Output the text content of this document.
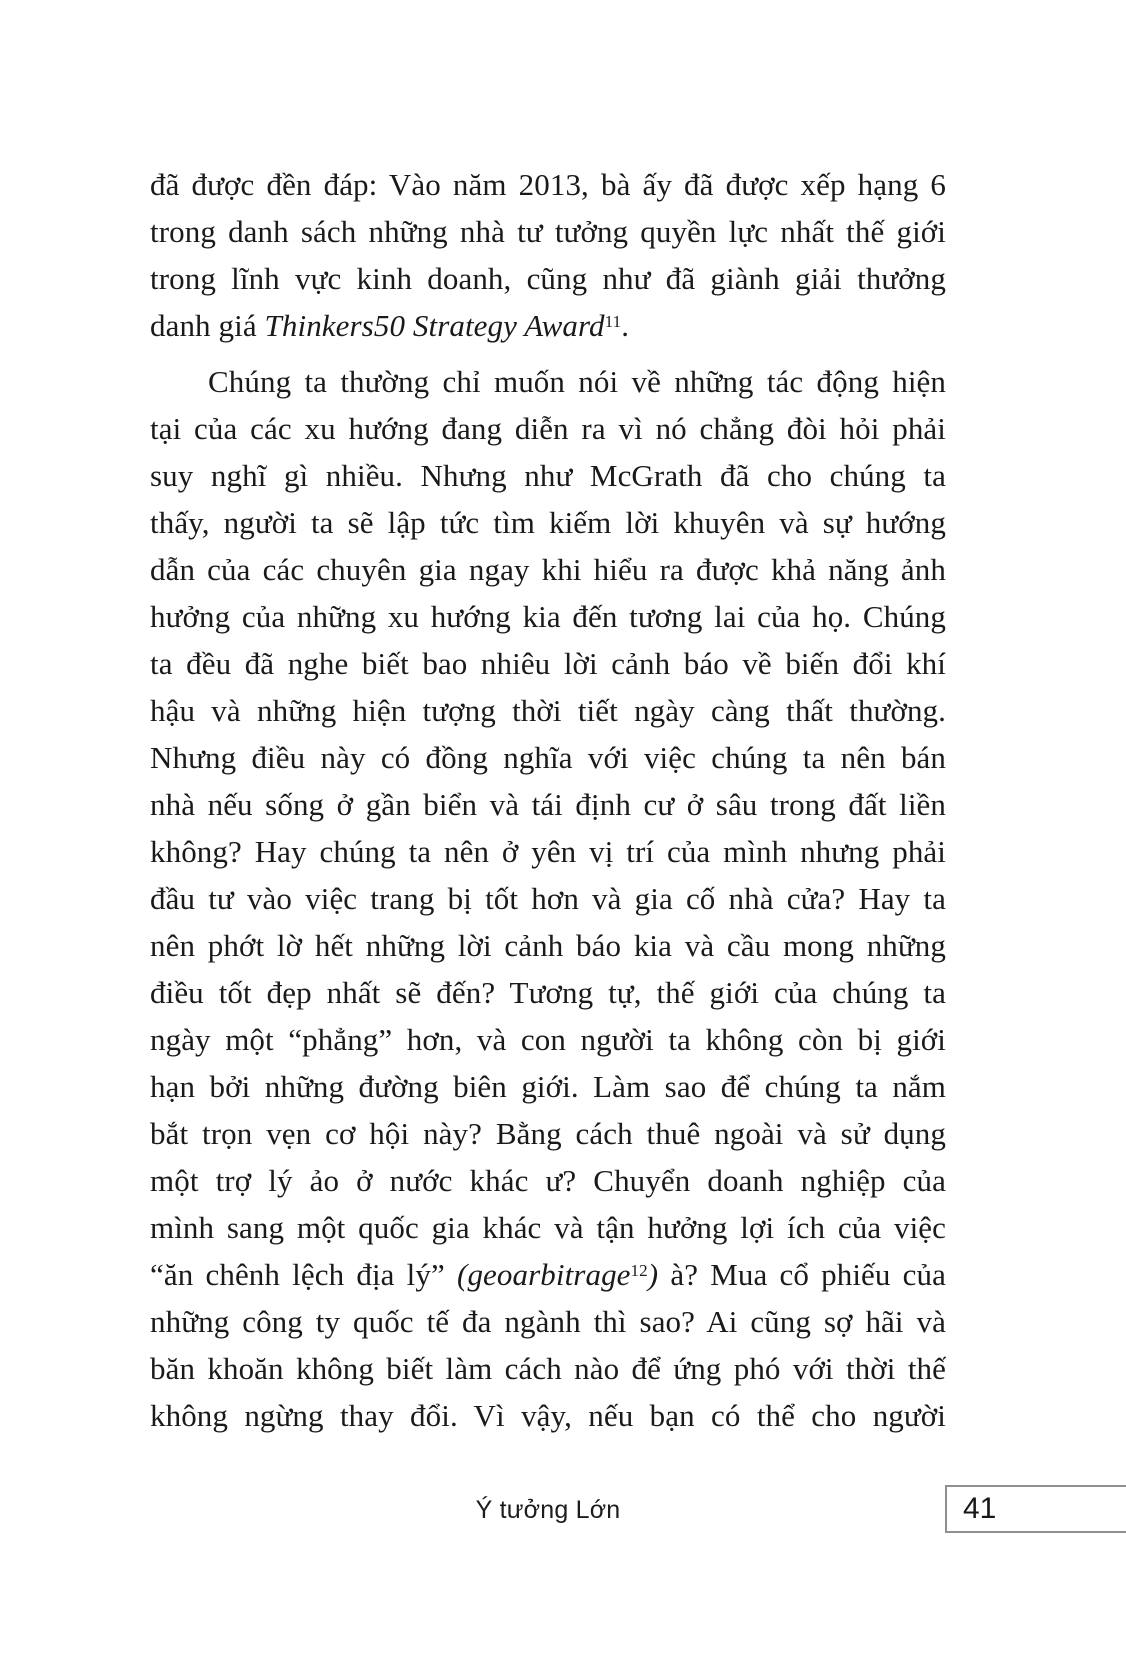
đã được đền đáp: Vào năm 2013, bà ấy đã được xếp hạng 6
trong danh sách những nhà tư tưởng quyền lực nhất thế giới
trong lĩnh vực kinh doanh, cũng như đã giành giải thưởng
danh giá Thinkers50 Strategy Award$^{11}$.
Chúng ta thường chỉ muốn nói về những tác động hiện
tại của các xu hướng đang diễn ra vì nó chẳng đòi hỏi phải
suy nghĩ gì nhiều. Nhưng như McGrath đã cho chúng ta
thấy, người ta sẽ lập tức tìm kiếm lời khuyên và sự hướng
dẫn của các chuyên gia ngay khi hiểu ra được khả năng ảnh
hưởng của những xu hướng kia đến tương lai của họ. Chúng
ta đều đã nghe biết bao nhiêu lời cảnh báo về biến đổi khí
hậu và những hiện tượng thời tiết ngày càng thất thường.
Nhưng điều này có đồng nghĩa với việc chúng ta nên bán
nhà nếu sống ở gần biển và tái định cư ở sâu trong đất liền
không? Hay chúng ta nên ở yên vị trí của mình nhưng phải
đầu tư vào việc trang bị tốt hơn và gia cố nhà cửa? Hay ta
nên phớt lờ hết những lời cảnh báo kia và cầu mong những
điều tốt đẹp nhất sẽ đến? Tương tự, thế giới của chúng ta
ngày một “phẳng” hơn, và con người ta không còn bị giới
hạn bởi những đường biên giới. Làm sao để chúng ta nắm
bắt trọn vẹn cơ hội này? Bằng cách thuê ngoài và sử dụng
một trợ lý ảo ở nước khác ư? Chuyển doanh nghiệp của
mình sang một quốc gia khác và tận hưởng lợi ích của việc
“ăn chênh lệch địa lý” (geoarbitrage$^{12}$) à? Mua cổ phiếu của
những công ty quốc tế đa ngành thì sao? Ai cũng sợ hãi và
băn khoăn không biết làm cách nào để ứng phó với thời thế
không ngừng thay đổi. Vì vậy, nếu bạn có thể cho người
Ý tưởng Lớn	41
